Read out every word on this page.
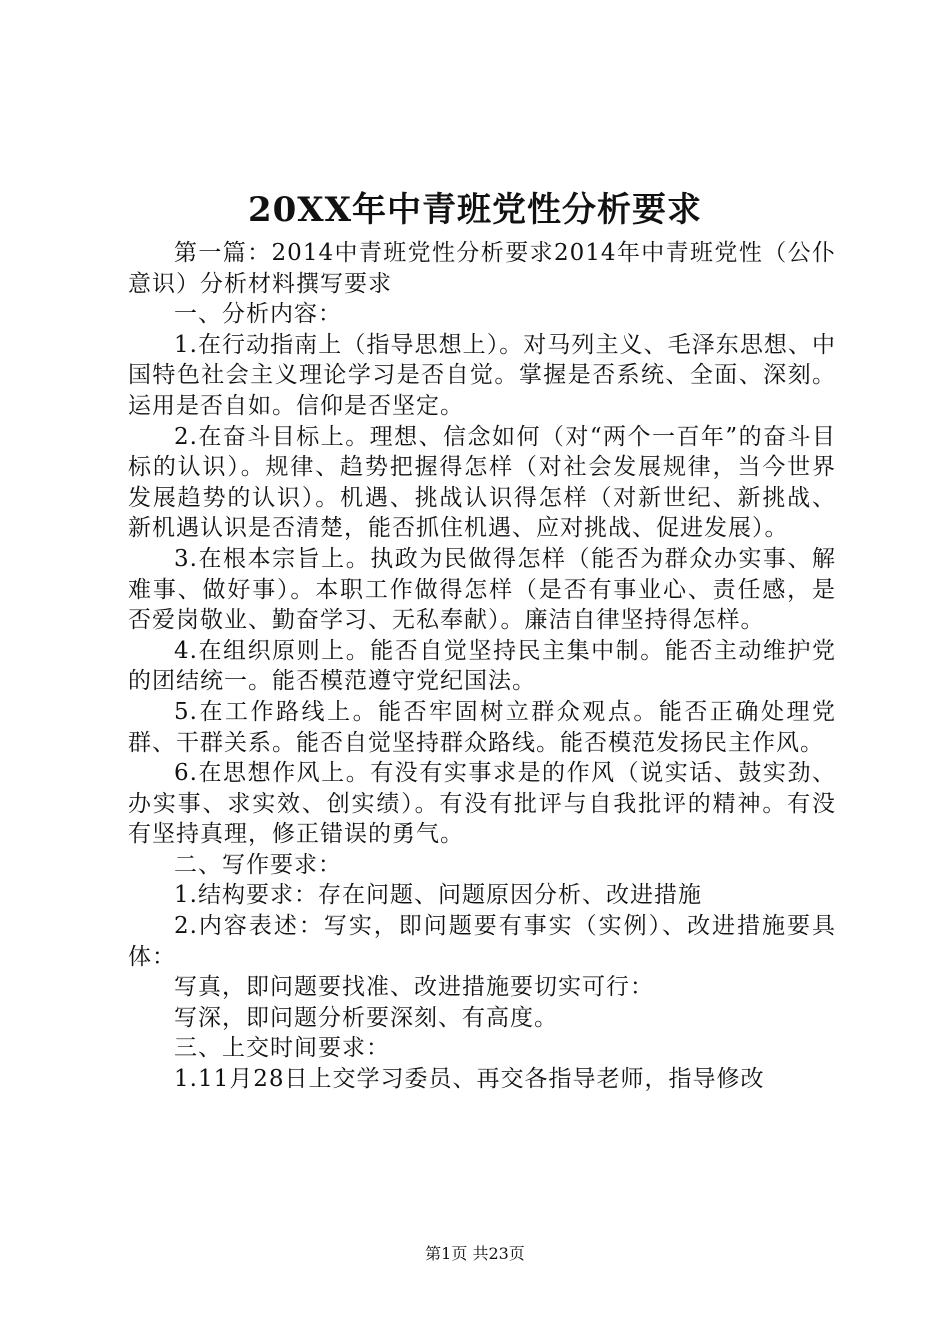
20XX年中青班党性分析要求

第一篇：2014中青班党性分析要求2014年中青班党性（公仆意识）分析材料撰写要求

一、分析内容：

1.在行动指南上（指导思想上）。对马列主义、毛泽东思想、中国特色社会主义理论学习是否自觉。掌握是否系统、全面、深刻。运用是否自如。信仰是否坚定。

2.在奋斗目标上。理想、信念如何（对“两个一百年”的奋斗目标的认识）。规律、趋势把握得怎样（对社会发展规律，当今世界发展趋势的认识）。机遇、挑战认识得怎样（对新世纪、新挑战、新机遇认识是否清楚，能否抓住机遇、应对挑战、促进发展）。

3.在根本宗旨上。执政为民做得怎样（能否为群众办实事、解难事、做好事）。本职工作做得怎样（是否有事业心、责任感，是否爱岗敬业、勤奋学习、无私奉献）。廉洁自律坚持得怎样。

4.在组织原则上。能否自觉坚持民主集中制。能否主动维护党的团结统一。能否模范遵守党纪国法。

5.在工作路线上。能否牢固树立群众观点。能否正确处理党群、干群关系。能否自觉坚持群众路线。能否模范发扬民主作风。

6.在思想作风上。有没有实事求是的作风（说实话、鼓实劲、办实事、求实效、创实绩）。有没有批评与自我批评的精神。有没有坚持真理，修正错误的勇气。

二、写作要求：

1.结构要求：存在问题、问题原因分析、改进措施

2.内容表述：写实，即问题要有事实（实例）、改进措施要具体：

写真，即问题要找准、改进措施要切实可行：

写深，即问题分析要深刻、有高度。

三、上交时间要求：

1.11月28日上交学习委员、再交各指导老师，指导修改

第1页 共23页
